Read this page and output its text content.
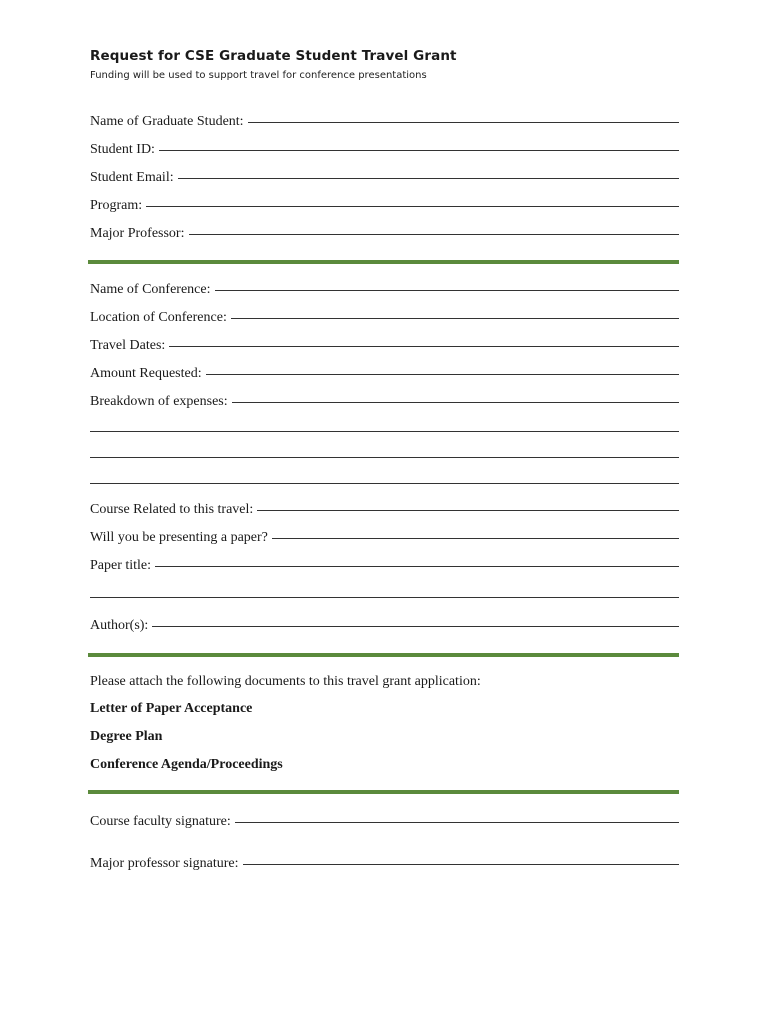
Request for CSE Graduate Student Travel Grant
Funding will be used to support travel for conference presentations
Name of Graduate Student:
Student ID:
Student Email:
Program:
Major Professor:
Name of Conference:
Location of Conference:
Travel Dates:
Amount Requested:
Breakdown of expenses:
Course Related to this travel:
Will you be presenting a paper?
Paper title:
Author(s):
Please attach the following documents to this travel grant application:
Letter of Paper Acceptance
Degree Plan
Conference Agenda/Proceedings
Course faculty signature:
Major professor signature:
